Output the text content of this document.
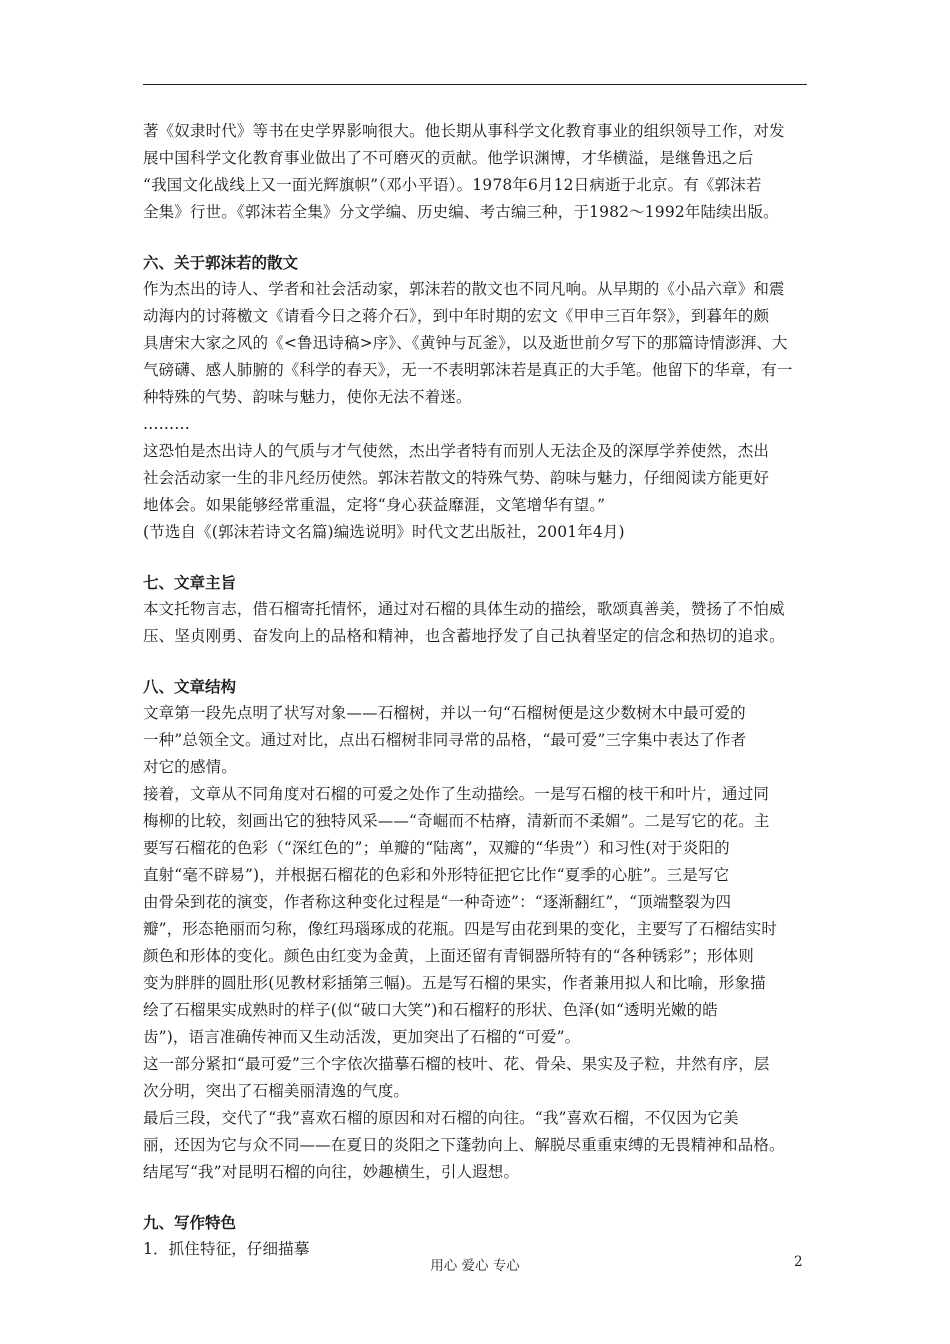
著《奴隶时代》等书在史学界影响很大。他长期从事科学文化教育事业的组织领导工作，对发
展中国科学文化教育事业做出了不可磨灭的贡献。他学识渊博，才华横溢，是继鲁迅之后
“我国文化战线上又一面光辉旗帜”（邓小平语）。1978年6月12日病逝于北京。有《郭沫若
全集》行世。《郭沫若全集》分文学编、历史编、考古编三种，于1982～1992年陆续出版。
六、关于郭沫若的散文
作为杰出的诗人、学者和社会活动家，郭沫若的散文也不同凡响。从早期的《小品六章》和震
动海内的讨蒋檄文《请看今日之蒋介石》，到中年时期的宏文《甲申三百年祭》，到暮年的颇
具唐宋大家之风的《<鲁迅诗稿>序》、《黄钟与瓦釜》，以及逝世前夕写下的那篇诗情澎湃、大
气磅礴、感人肺腑的《科学的春天》，无一不表明郭沫若是真正的大手笔。他留下的华章，有一
种特殊的气势、韵味与魅力，使你无法不着迷。
………
这恐怕是杰出诗人的气质与才气使然，杰出学者特有而别人无法企及的深厚学养使然，杰出
社会活动家一生的非凡经历使然。郭沫若散文的特殊气势、韵味与魅力，仔细阅读方能更好
地体会。如果能够经常重温，定将“身心获益靡涯，文笔增华有望。”
(节选自《(郭沫若诗文名篇)编选说明》时代文艺出版社，2001年4月)
七、文章主旨
本文托物言志，借石榴寄托情怀，通过对石榴的具体生动的描绘，歌颂真善美，赞扬了不怕威
压、坚贞刚勇、奋发向上的品格和精神，也含蓄地抒发了自己执着坚定的信念和热切的追求。
八、文章结构
文章第一段先点明了状写对象——石榴树，并以一句“石榴树便是这少数树木中最可爱的
一种”总领全文。通过对比，点出石榴树非同寻常的品格，“最可爱”三字集中表达了作者
对它的感情。
接着，文章从不同角度对石榴的可爱之处作了生动描绘。一是写石榴的枝干和叶片，通过同
梅柳的比较，刻画出它的独特风采——“奇崛而不枯瘠，清新而不柔媚”。二是写它的花。主
要写石榴花的色彩（“深红色的”；单瓣的“陆离”，双瓣的“华贵”）和习性(对于炎阳的
直射“毫不辟易”)，并根据石榴花的色彩和外形特征把它比作“夏季的心脏”。三是写它
由骨朵到花的演变，作者称这种变化过程是“一种奇迹”：“逐渐翻红”，“顶端整裂为四
瓣”，形态艳丽而匀称，像红玛瑙琢成的花瓶。四是写由花到果的变化，主要写了石榴结实时
颜色和形体的变化。颜色由红变为金黄，上面还留有青铜器所特有的“各种锈彩”；形体则
变为胖胖的圆肚形(见教材彩插第三幅)。五是写石榴的果实，作者兼用拟人和比喻，形象描
绘了石榴果实成熟时的样子(似“破口大笑”)和石榴籽的形状、色泽(如“透明光嫩的皓
齿”)，语言准确传神而又生动活泼，更加突出了石榴的“可爱”。
这一部分紧扣“最可爱”三个字依次描摹石榴的枝叶、花、骨朵、果实及子粒，井然有序，层
次分明，突出了石榴美丽清逸的气度。
最后三段，交代了“我”喜欢石榴的原因和对石榴的向往。“我”喜欢石榴，不仅因为它美
丽，还因为它与众不同——在夏日的炎阳之下蓬勃向上、解脱尽重重束缚的无畏精神和品格。
结尾写“我”对昆明石榴的向往，妙趣横生，引人遐想。
九、写作特色
1．抓住特征，仔细描摹
用心 爱心 专心	2
